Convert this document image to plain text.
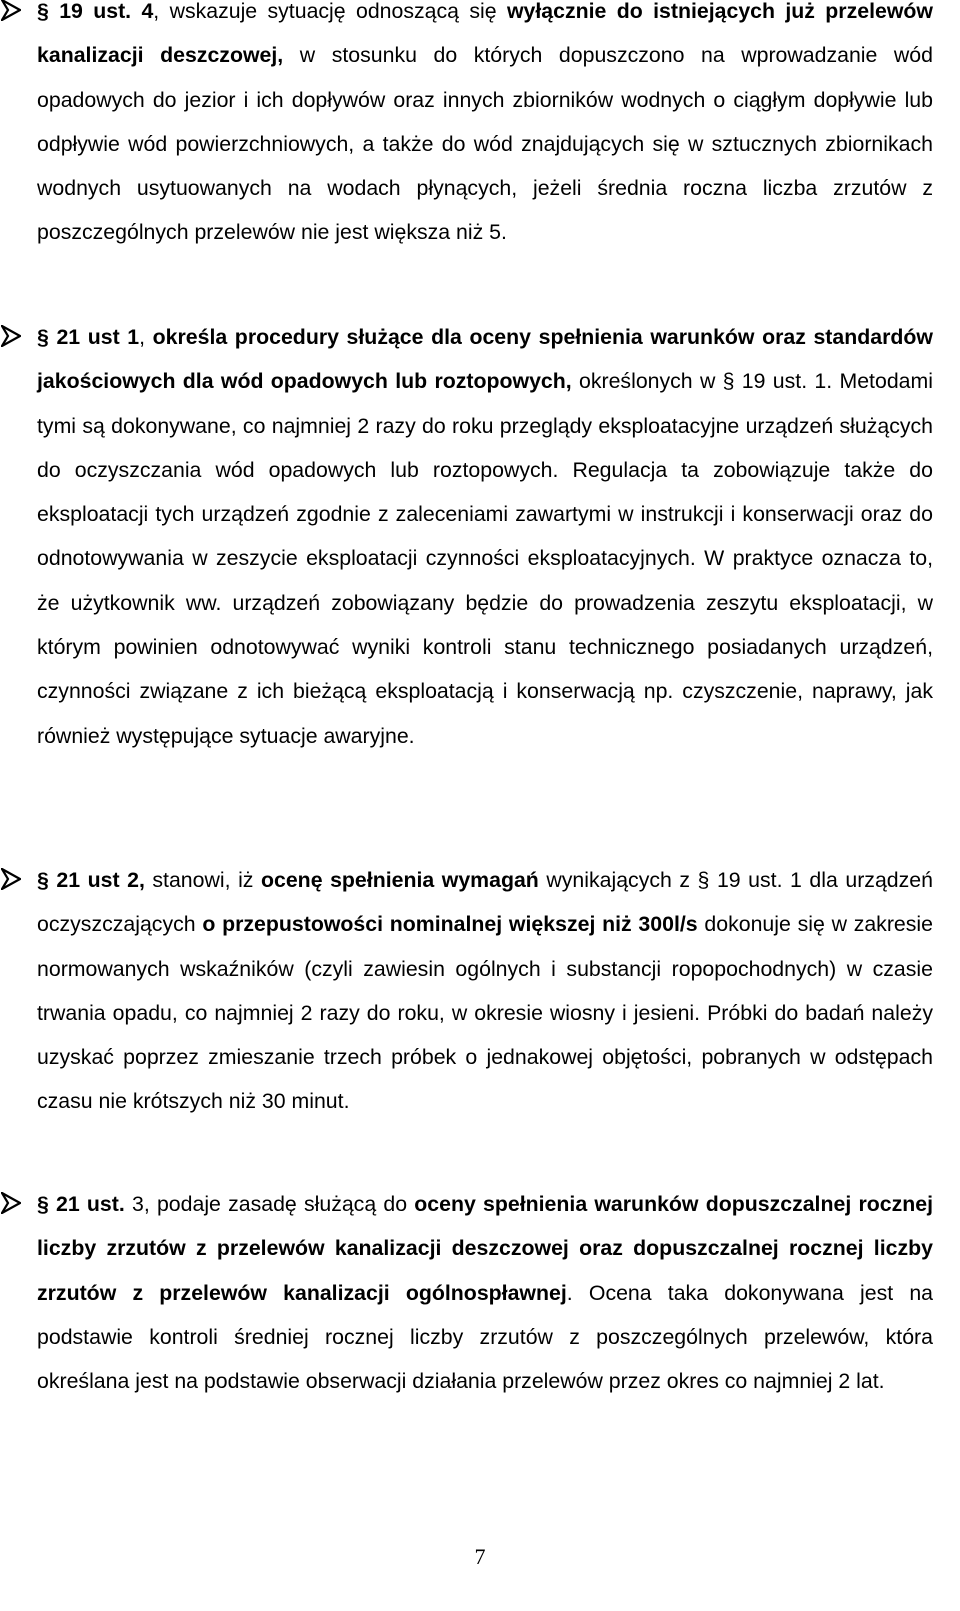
§ 19 ust. 4, wskazuje sytuację odnoszącą się wyłącznie do istniejących już przelewów kanalizacji deszczowej, w stosunku do których dopuszczono na wprowadzanie wód opadowych do jezior i ich dopływów oraz innych zbiorników wodnych o ciągłym dopływie lub odpływie wód powierzchniowych, a także do wód znajdujących się w sztucznych zbiornikach wodnych usytuowanych na wodach płynących, jeżeli średnia roczna liczba zrzutów z poszczególnych przelewów nie jest większa niż 5.

§ 21 ust 1, określa procedury służące dla oceny spełnienia warunków oraz standardów jakościowych dla wód opadowych lub roztopowych, określonych w § 19 ust. 1. Metodami tymi są dokonywane, co najmniej 2 razy do roku przeglądy eksploatacyjne urządzeń służących do oczyszczania wód opadowych lub roztopowych. Regulacja ta zobowiązuje także do eksploatacji tych urządzeń zgodnie z zaleceniami zawartymi w instrukcji i konserwacji oraz do odnotowywania w zeszycie eksploatacji czynności eksploatacyjnych. W praktyce oznacza to, że użytkownik ww. urządzeń zobowiązany będzie do prowadzenia zeszytu eksploatacji, w którym powinien odnotowywać wyniki kontroli stanu technicznego posiadanych urządzeń, czynności związane z ich bieżącą eksploatacją i konserwacją np. czyszczenie, naprawy, jak również występujące sytuacje awaryjne.

§ 21 ust 2, stanowi, iż ocenę spełnienia wymagań wynikających z § 19 ust. 1 dla urządzeń oczyszczających o przepustowości nominalnej większej niż 300l/s dokonuje się w zakresie normowanych wskaźników (czyli zawiesin ogólnych i substancji ropopochodnych) w czasie trwania opadu, co najmniej 2 razy do roku, w okresie wiosny i jesieni. Próbki do badań należy uzyskać poprzez zmieszanie trzech próbek o jednakowej objętości, pobranych w odstępach czasu nie krótszych niż 30 minut.

§ 21 ust. 3, podaje zasadę służącą do oceny spełnienia warunków dopuszczalnej rocznej liczby zrzutów z przelewów kanalizacji deszczowej oraz dopuszczalnej rocznej liczby zrzutów z przelewów kanalizacji ogólnospławnej. Ocena taka dokonywana jest na podstawie kontroli średniej rocznej liczby zrzutów z poszczególnych przelewów, która określana jest na podstawie obserwacji działania przelewów przez okres co najmniej 2 lat.

7
